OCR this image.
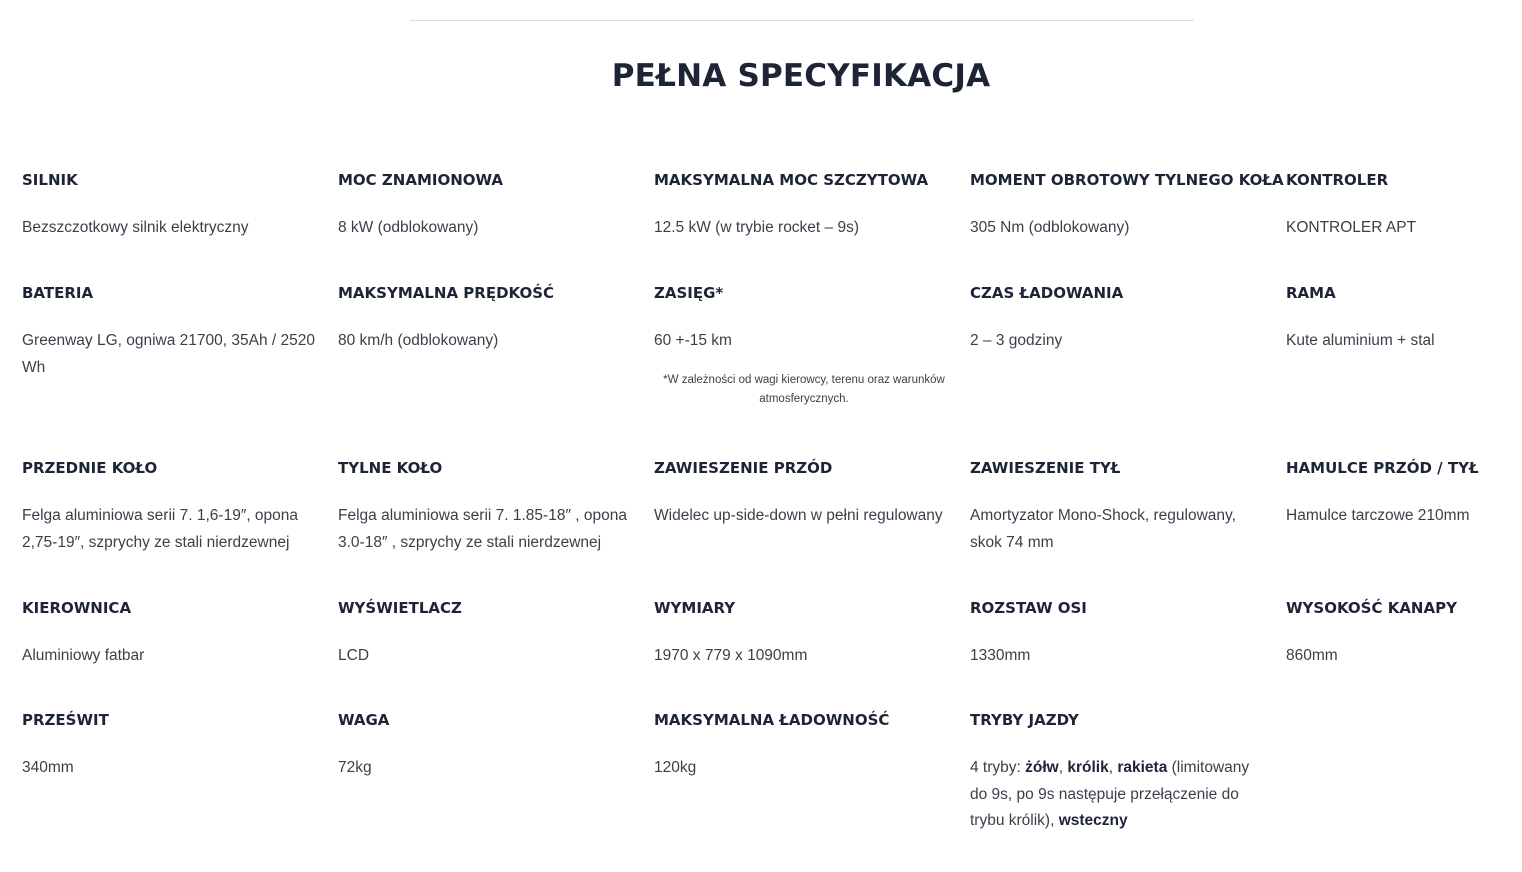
PEŁNA SPECYFIKACJA
SILNIK
Bezszczotkowy silnik elektryczny
MOC ZNAMIONOWA
8 kW (odblokowany)
MAKSYMALNA MOC SZCZYTOWA
12.5 kW (w trybie rocket – 9s)
MOMENT OBROTOWY TYLNEGO KOŁA
305 Nm (odblokowany)
KONTROLER
KONTROLER APT
BATERIA
Greenway LG, ogniwa 21700, 35Ah / 2520 Wh
MAKSYMALNA PRĘDKOŚĆ
80 km/h (odblokowany)
ZASIĘG*
60 +-15 km
*W zależności od wagi kierowcy, terenu oraz warunków atmosferycznych.
CZAS ŁADOWANIA
2 – 3 godziny
RAMA
Kute aluminium + stal
PRZEDNIE KOŁO
Felga aluminiowa serii 7. 1,6-19″, opona 2,75-19″, szprychy ze stali nierdzewnej
TYLNE KOŁO
Felga aluminiowa serii 7. 1.85-18″ , opona 3.0-18″ , szprychy ze stali nierdzewnej
ZAWIESZENIE PRZÓD
Widelec up-side-down w pełni regulowany
ZAWIESZENIE TYŁ
Amortyzator Mono-Shock, regulowany, skok 74 mm
HAMULCE PRZÓD / TYŁ
Hamulce tarczowe 210mm
KIEROWNICA
Aluminiowy fatbar
WYŚWIETLACZ
LCD
WYMIARY
1970 x 779 x 1090mm
ROZSTAW OSI
1330mm
WYSOKOŚĆ KANAPY
860mm
PRZEŚWIT
340mm
WAGA
72kg
MAKSYMALNA ŁADOWNOŚĆ
120kg
TRYBY JAZDY
4 tryby: żółw, królik, rakieta (limitowany do 9s, po 9s następuje przełączenie do trybu królik), wsteczny
